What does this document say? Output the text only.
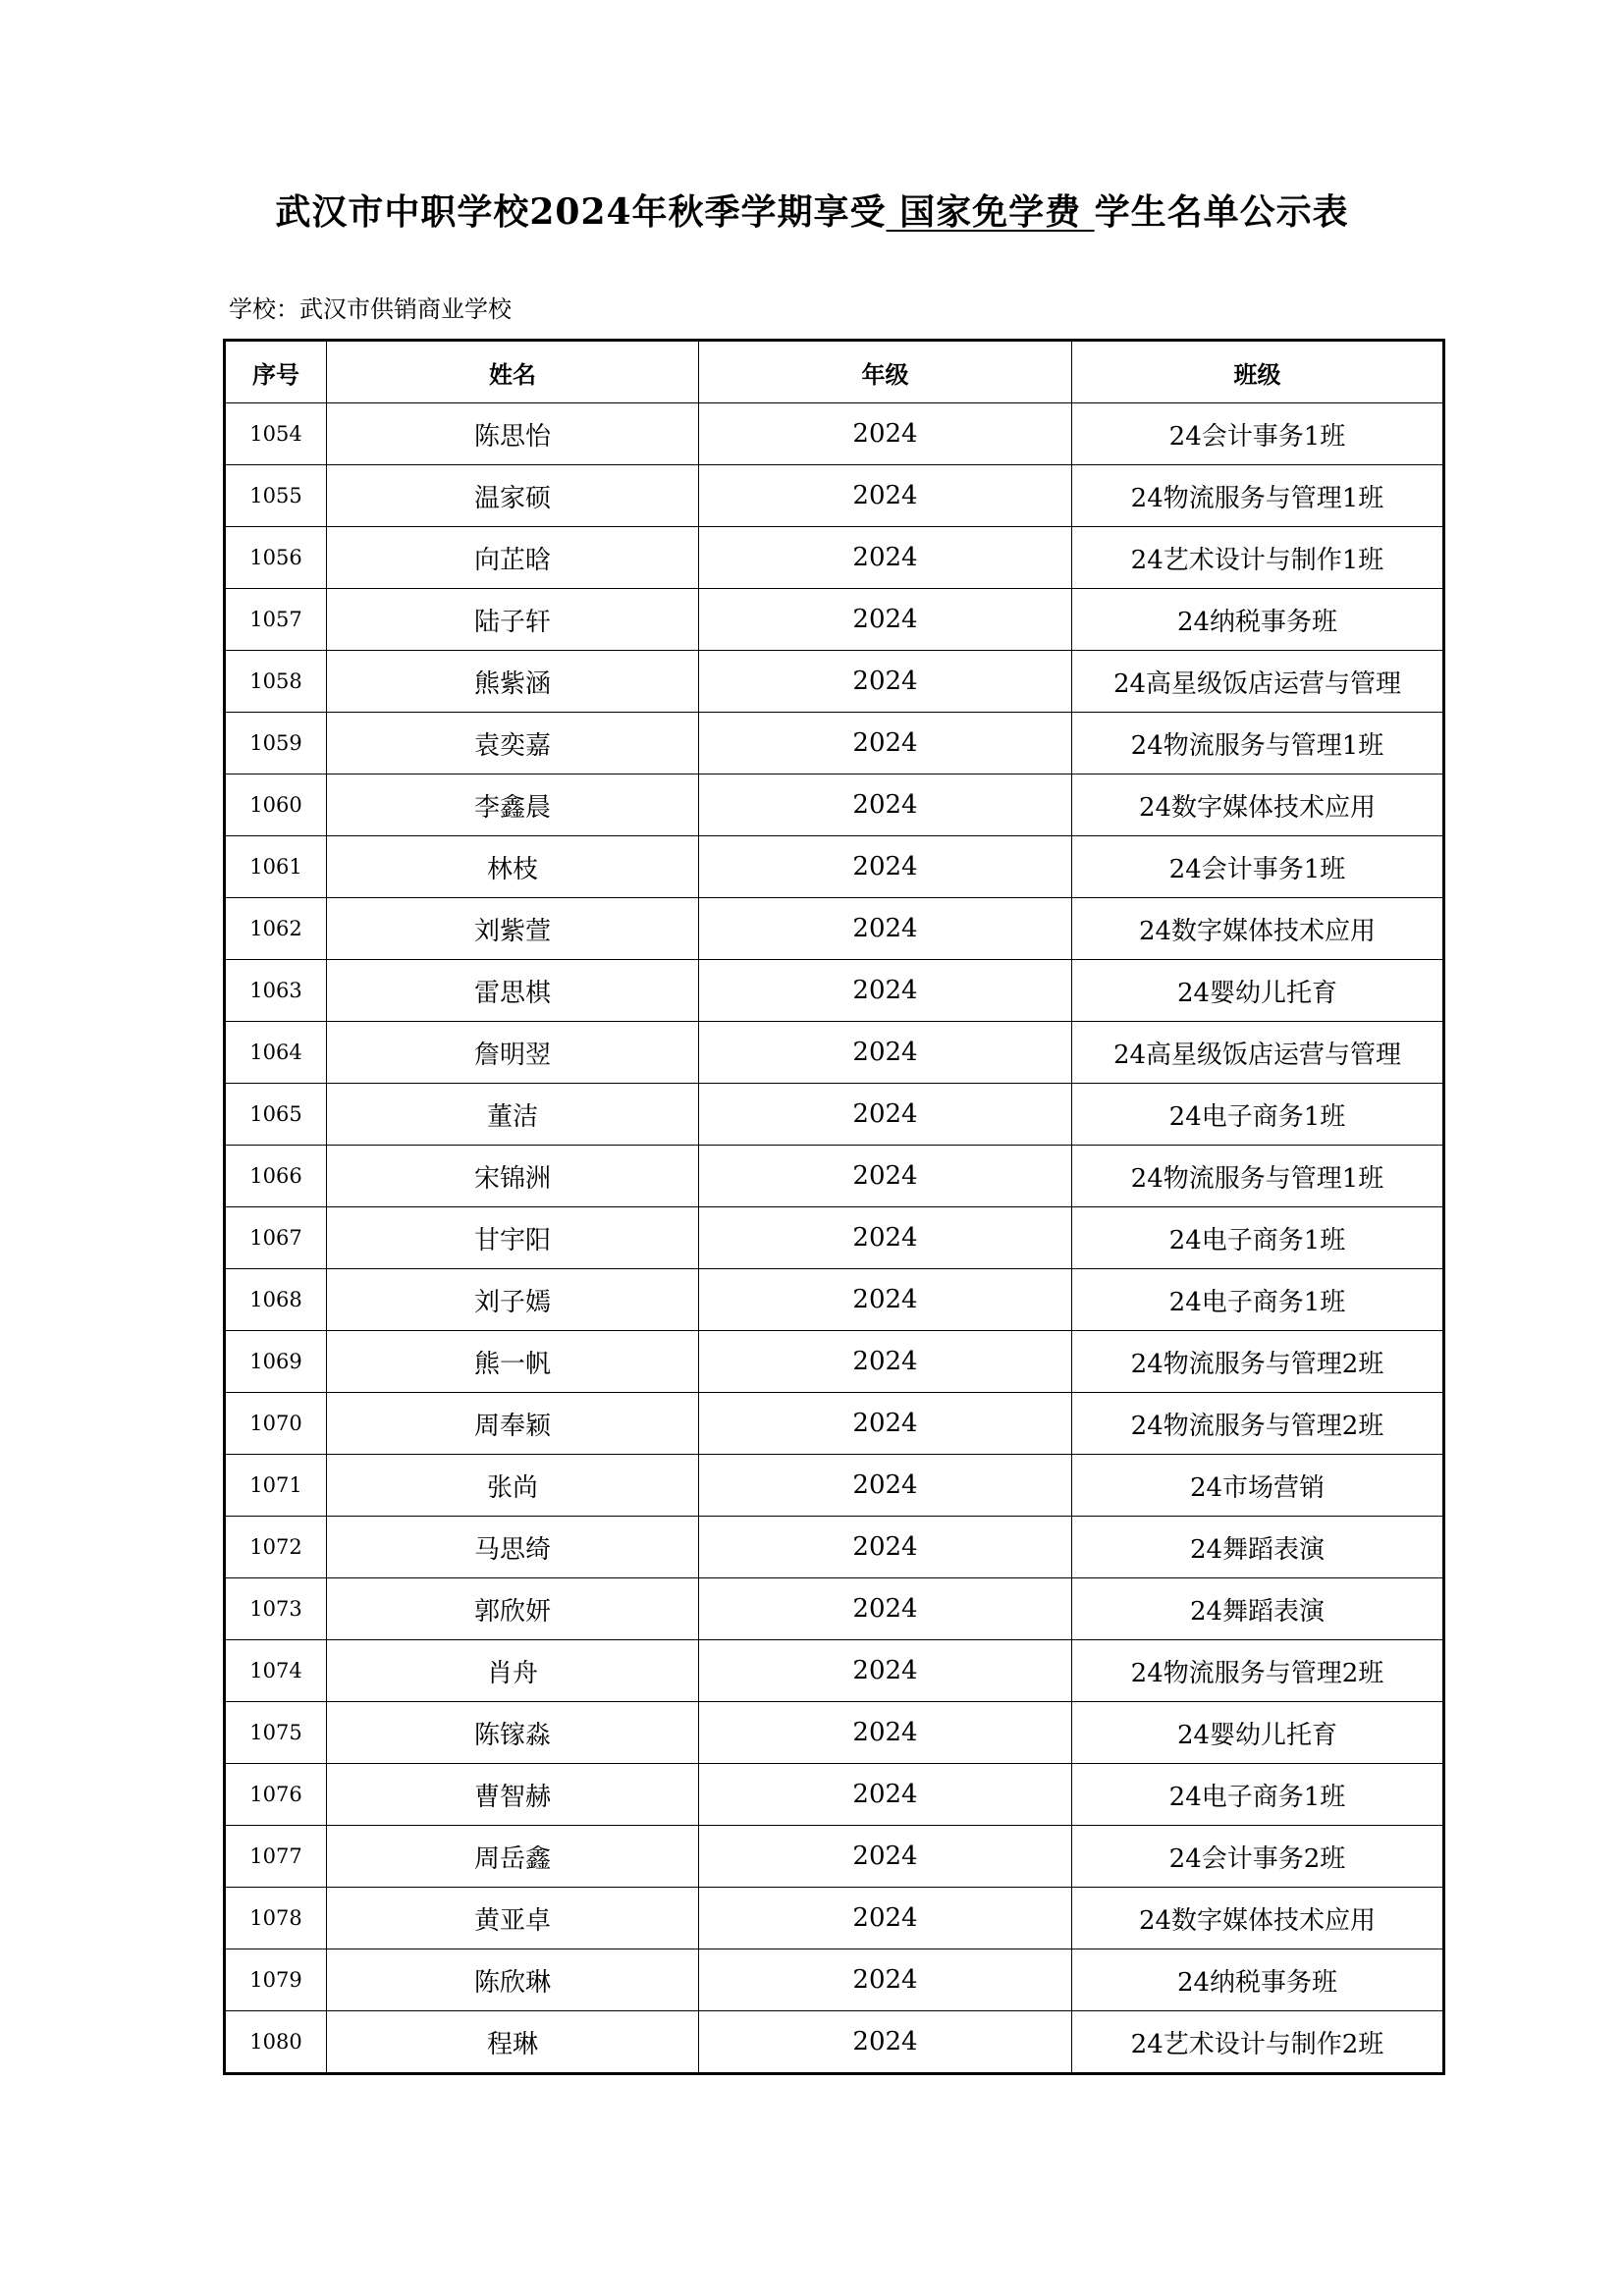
武汉市中职学校2024年秋季学期享受 国家免学费 学生名单公示表
学校：武汉市供销商业学校
序号	姓名	年级	班级
1054	陈思怡	2024	24会计事务1班
1055	温家硕	2024	24物流服务与管理1班
1056	向芷晗	2024	24艺术设计与制作1班
1057	陆子轩	2024	24纳税事务班
1058	熊紫涵	2024	24高星级饭店运营与管理
1059	袁奕嘉	2024	24物流服务与管理1班
1060	李鑫晨	2024	24数字媒体技术应用
1061	林枝	2024	24会计事务1班
1062	刘紫萱	2024	24数字媒体技术应用
1063	雷思棋	2024	24婴幼儿托育
1064	詹明翌	2024	24高星级饭店运营与管理
1065	董洁	2024	24电子商务1班
1066	宋锦洲	2024	24物流服务与管理1班
1067	甘宇阳	2024	24电子商务1班
1068	刘子嫣	2024	24电子商务1班
1069	熊一帆	2024	24物流服务与管理2班
1070	周奉颖	2024	24物流服务与管理2班
1071	张尚	2024	24市场营销
1072	马思绮	2024	24舞蹈表演
1073	郭欣妍	2024	24舞蹈表演
1074	肖舟	2024	24物流服务与管理2班
1075	陈镓淼	2024	24婴幼儿托育
1076	曹智赫	2024	24电子商务1班
1077	周岳鑫	2024	24会计事务2班
1078	黄亚卓	2024	24数字媒体技术应用
1079	陈欣琳	2024	24纳税事务班
1080	程琳	2024	24艺术设计与制作2班
